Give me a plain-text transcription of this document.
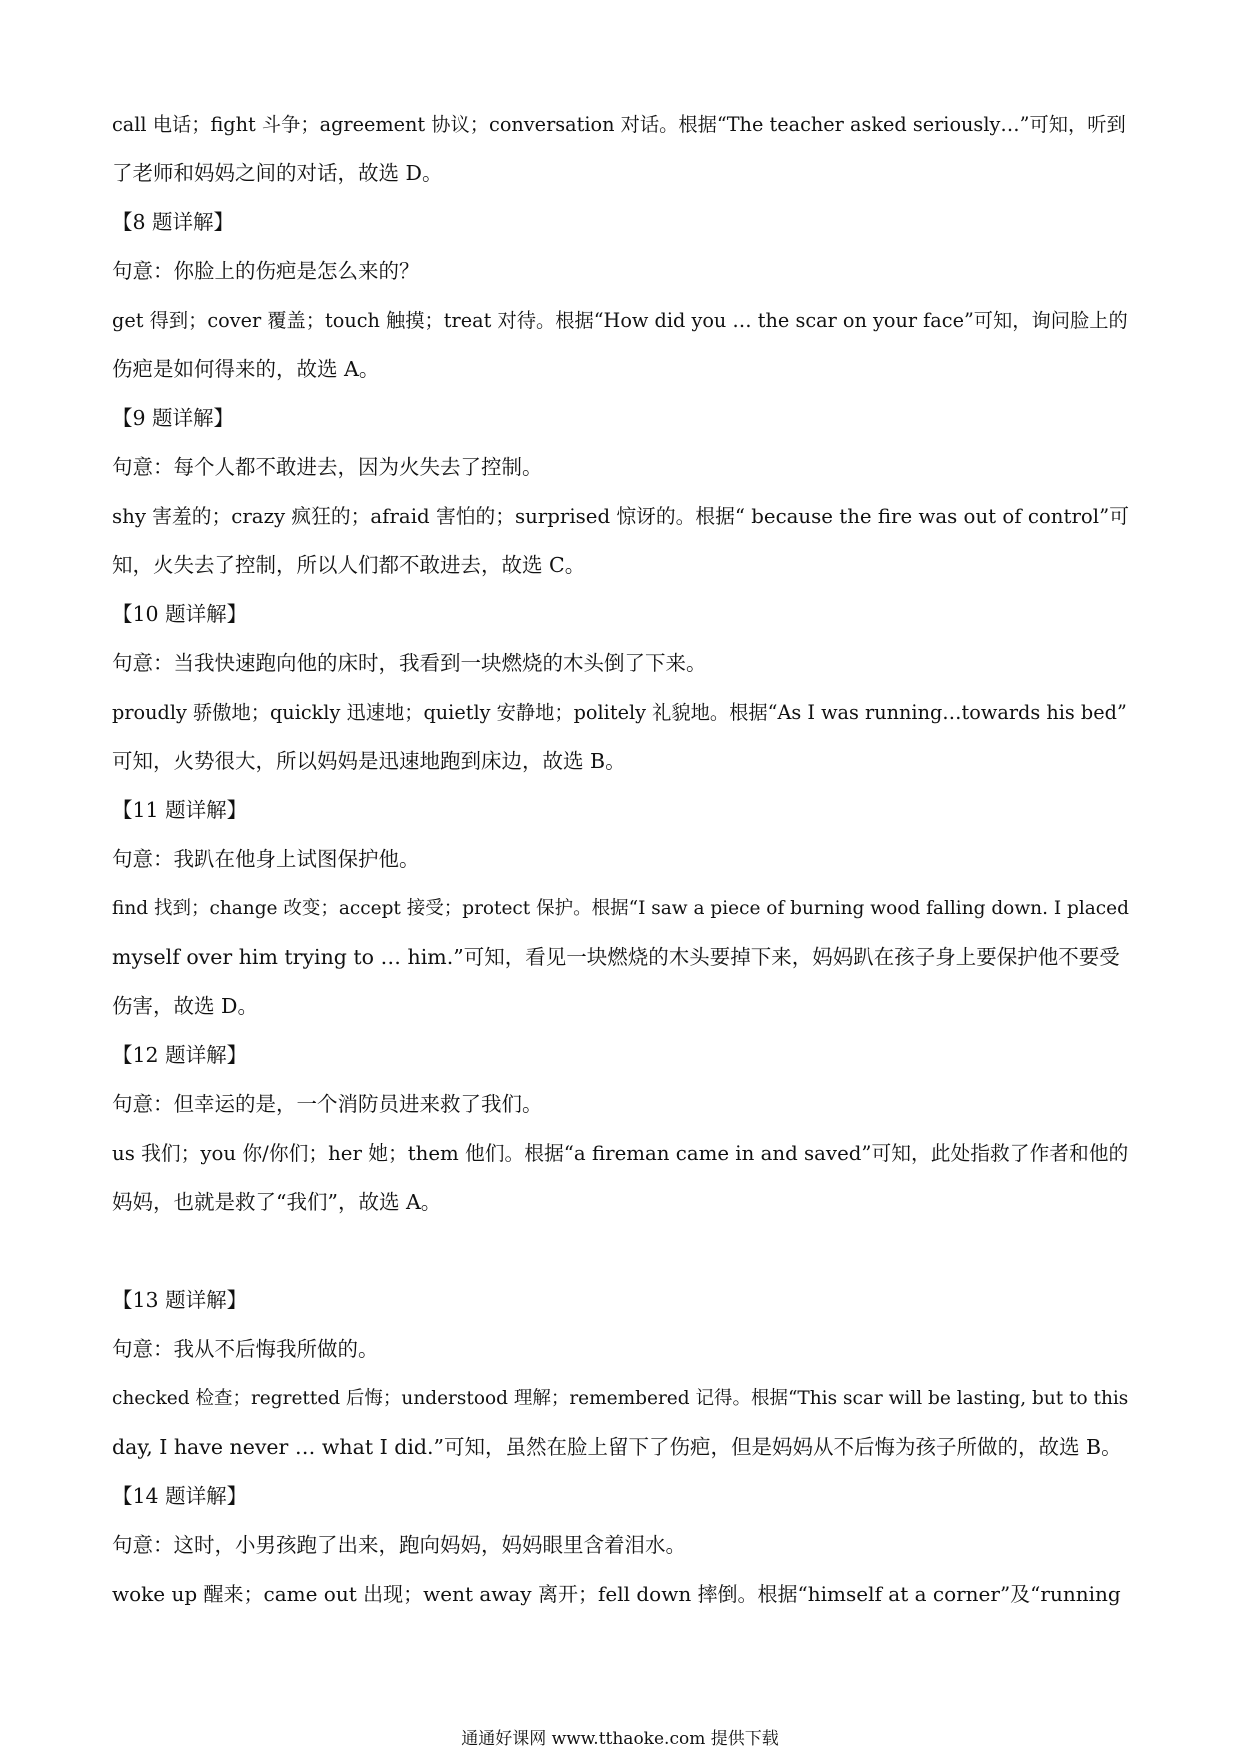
call 电话；fight 斗争；agreement 协议；conversation 对话。根据“The teacher asked seriously…”可知，听到
了老师和妈妈之间的对话，故选 D。
【8 题详解】
句意：你脸上的伤疤是怎么来的？
get 得到；cover 覆盖；touch 触摸；treat 对待。根据“How did you … the scar on your face”可知，询问脸上的
伤疤是如何得来的，故选 A。
【9 题详解】
句意：每个人都不敢进去，因为火失去了控制。
shy 害羞的；crazy 疯狂的；afraid 害怕的；surprised 惊讶的。根据“ because the fire was out of control”可
知，火失去了控制，所以人们都不敢进去，故选 C。
【10 题详解】
句意：当我快速跑向他的床时，我看到一块燃烧的木头倒了下来。
proudly 骄傲地；quickly 迅速地；quietly 安静地；politely 礼貌地。根据“As I was running…towards his bed”
可知，火势很大，所以妈妈是迅速地跑到床边，故选 B。
【11 题详解】
句意：我趴在他身上试图保护他。
find 找到；change 改变；accept 接受；protect 保护。根据“I saw a piece of burning wood falling down. I placed
myself over him trying to … him.”可知，看见一块燃烧的木头要掉下来，妈妈趴在孩子身上要保护他不要受
伤害，故选 D。
【12 题详解】
句意：但幸运的是，一个消防员进来救了我们。
us 我们；you 你/你们；her 她；them 他们。根据“a fireman came in and saved”可知，此处指救了作者和他的
妈妈，也就是救了“我们”，故选 A。
【13 题详解】
句意：我从不后悔我所做的。
checked 检查；regretted 后悔；understood 理解；remembered 记得。根据“This scar will be lasting, but to this
day, I have never … what I did.”可知，虽然在脸上留下了伤疤，但是妈妈从不后悔为孩子所做的，故选 B。
【14 题详解】
句意：这时，小男孩跑了出来，跑向妈妈，妈妈眼里含着泪水。
woke up 醒来；came out 出现；went away 离开；fell down 摔倒。根据“himself at a corner”及“running
通通好课网 www.tthaoke.com 提供下载
